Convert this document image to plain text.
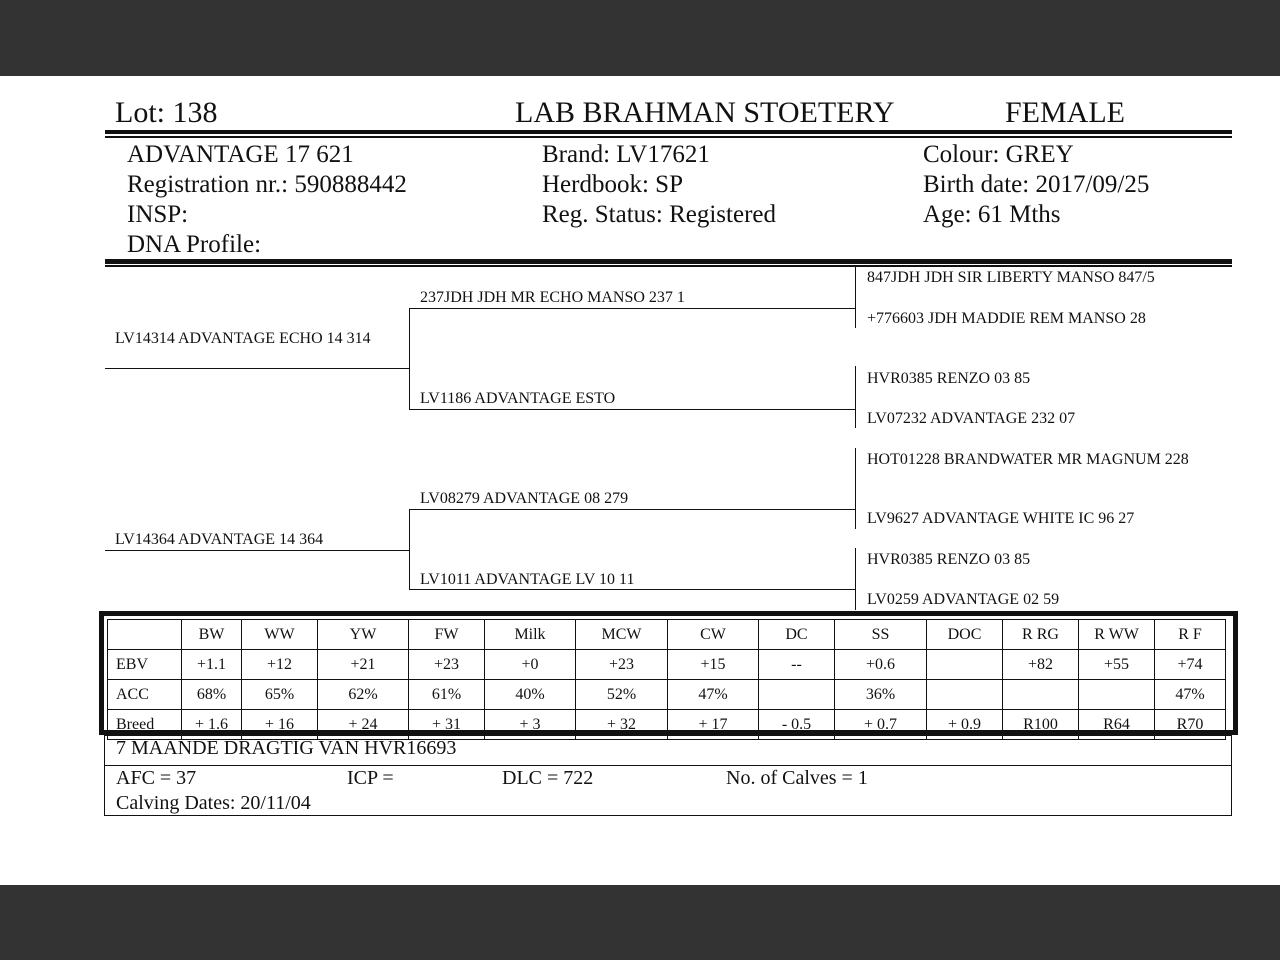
Lot: 138	LAB BRAHMAN STOETERY	FEMALE
ADVANTAGE 17 621
Registration nr.: 590888442
INSP:
DNA Profile:
Brand: LV17621
Herdbook: SP
Reg. Status: Registered
Colour: GREY
Birth date: 2017/09/25
Age: 61 Mths
LV14314 ADVANTAGE ECHO 14 314
LV14364 ADVANTAGE 14 364
237JDH JDH MR ECHO MANSO 237 1
LV1186 ADVANTAGE ESTO
LV08279 ADVANTAGE 08 279
LV1011 ADVANTAGE LV 10 11
847JDH JDH SIR LIBERTY MANSO 847/5
+776603 JDH MADDIE REM MANSO 28
HVR0385 RENZO 03 85
LV07232 ADVANTAGE 232 07
HOT01228 BRANDWATER MR MAGNUM 228
LV9627 ADVANTAGE WHITE IC 96 27
HVR0385 RENZO 03 85
LV0259 ADVANTAGE 02 59
	BW	WW	YW	FW	Milk	MCW	CW	DC	SS	DOC	R RG	R WW	R F
EBV	+1.1	+12	+21	+23	+0	+23	+15	--	+0.6		+82	+55	+74
ACC	68%	65%	62%	61%	40%	52%	47%		36%				47%
Breed	+ 1.6	+ 16	+ 24	+ 31	+ 3	+ 32	+ 17	- 0.5	+ 0.7	+ 0.9	R100	R64	R70
7 MAANDE DRAGTIG VAN HVR16693
AFC = 37	ICP =	DLC = 722	No. of Calves = 1
Calving Dates: 20/11/04
